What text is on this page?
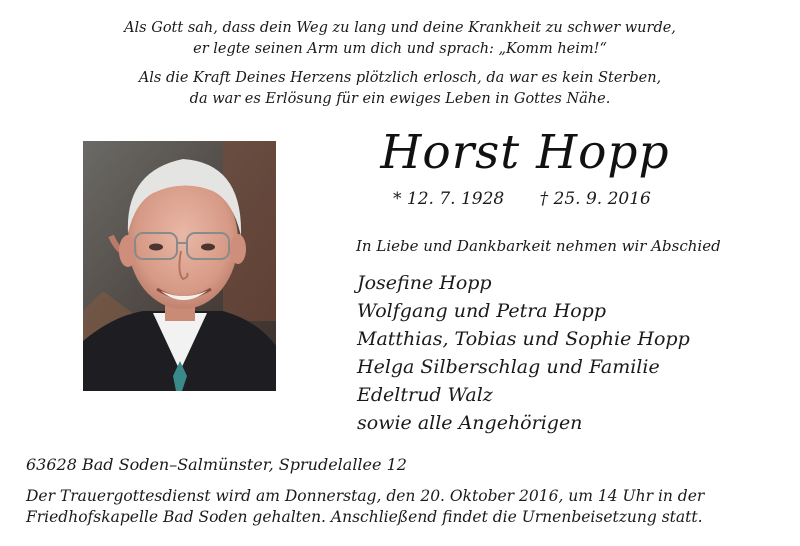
Als Gott sah, dass dein Weg zu lang und deine Krankheit zu schwer wurde,
er legte seinen Arm um dich und sprach: „Komm heim!“
Als die Kraft Deines Herzens plötzlich erlosch, da war es kein Sterben,
da war es Erlösung für ein ewiges Leben in Gottes Nähe.
Horst Hopp
* 12. 7. 1928 † 25. 9. 2016
In Liebe und Dankbarkeit nehmen wir Abschied
Josefine Hopp
Wolfgang und Petra Hopp
Matthias, Tobias und Sophie Hopp
Helga Silberschlag und Familie
Edeltrud Walz
sowie alle Angehörigen
63628 Bad Soden–Salmünster, Sprudelallee 12
Der Trauergottesdienst wird am Donnerstag, den 20. Oktober 2016, um 14 Uhr in der
Friedhofskapelle Bad Soden gehalten. Anschließend findet die Urnenbeisetzung statt.
